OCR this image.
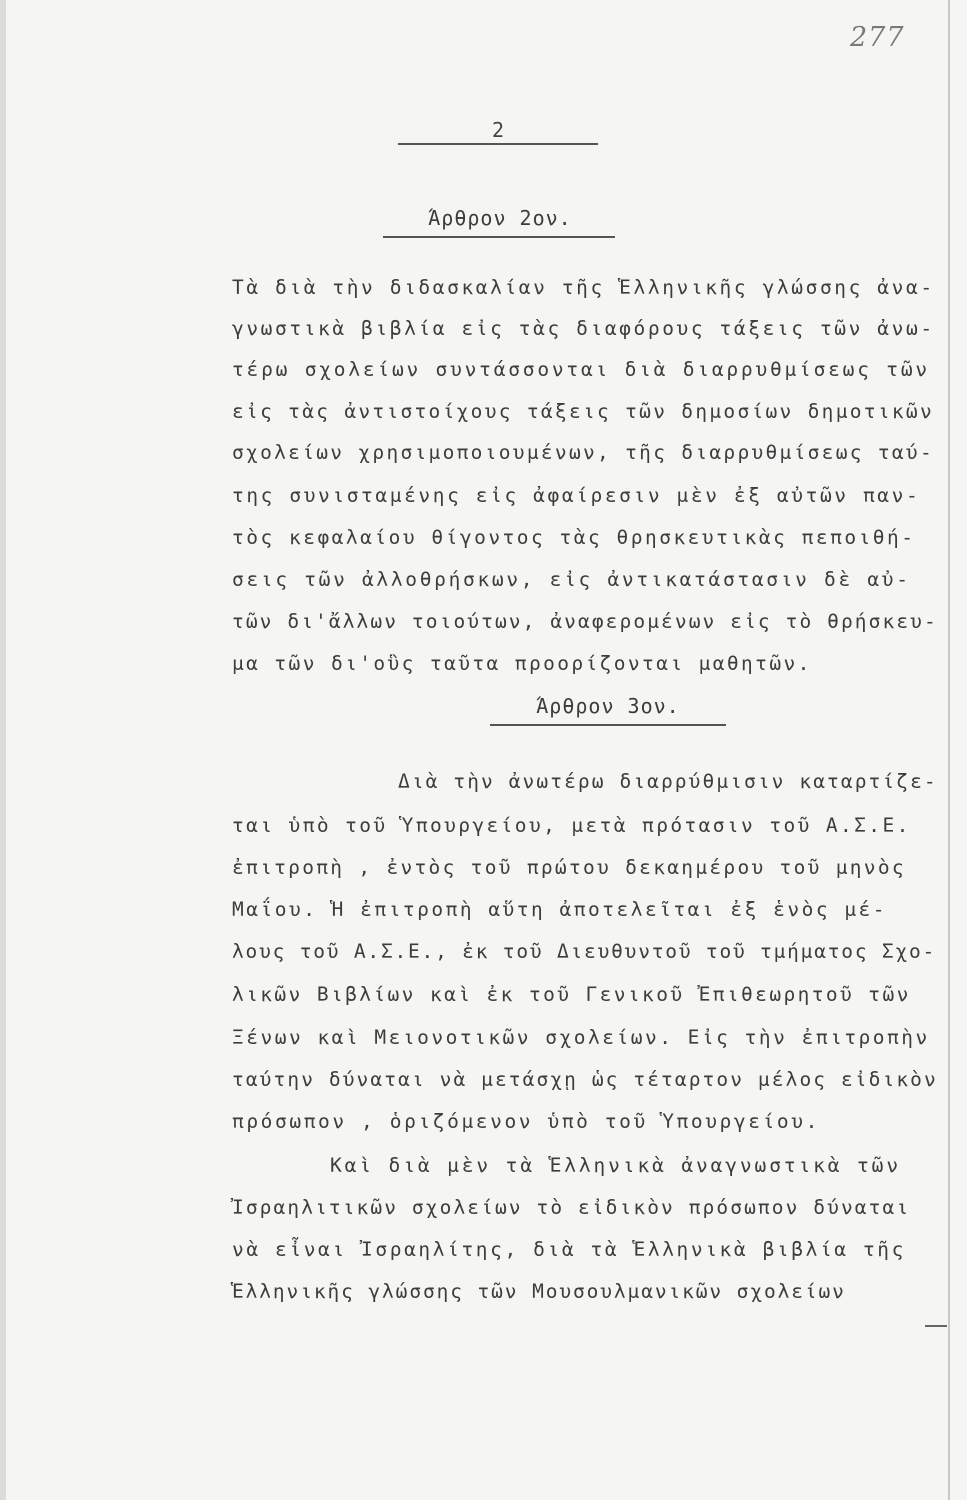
277
2
Άρθρον 2ον.
Τὰ διὰ τὴν διδασκαλίαν τῆς Ἑλληνικῆς γλώσσης ἀνα-
γνωστικὰ βιβλία εἰς τὰς διαφόρους τάξεις τῶν ἀνω-
τέρω σχολείων συντάσσονται διὰ διαρρυθμίσεως τῶν
εἰς τὰς ἀντιστοίχους τάξεις τῶν δημοσίων δημοτικῶν
σχολείων χρησιμοποιουμένων, τῆς διαρρυθμίσεως ταύ-
της συνισταμένης εἰς ἀφαίρεσιν μὲν ἐξ αὐτῶν παν-
τὸς κεφαλαίου θίγοντος τὰς θρησκευτικὰς πεποιθή-
σεις τῶν ἀλλοθρήσκων, εἰς ἀντικατάστασιν δὲ αὐ-
τῶν δι'ἄλλων τοιούτων, ἀναφερομένων εἰς τὸ θρήσκευ-
μα τῶν δι'οὓς ταῦτα προορίζονται μαθητῶν.
Άρθρον 3ον.
Διὰ τὴν ἀνωτέρω διαρρύθμισιν καταρτίζε-
ται ὑπὸ τοῦ Ὑπουργείου, μετὰ πρότασιν τοῦ Α.Σ.Ε.
ἐπιτροπὴ , ἐντὸς τοῦ πρώτου δεκαημέρου τοῦ μηνὸς
Μαΐου. Ἡ ἐπιτροπὴ αὕτη ἀποτελεῖται ἐξ ἑνὸς μέ-
λους τοῦ Α.Σ.Ε., ἐκ τοῦ Διευθυντοῦ τοῦ τμήματος Σχο-
λικῶν Βιβλίων καὶ ἐκ τοῦ Γενικοῦ Ἐπιθεωρητοῦ τῶν
Ξένων καὶ Μειονοτικῶν σχολείων. Εἰς τὴν ἐπιτροπὴν
ταύτην δύναται νὰ μετάσχῃ ὡς τέταρτον μέλος εἰδικὸν
πρόσωπον , ὁριζόμενον ὑπὸ τοῦ Ὑπουργείου.
Καὶ διὰ μὲν τὰ Ἑλληνικὰ ἀναγνωστικὰ τῶν
Ἰσραηλιτικῶν σχολείων τὸ εἰδικὸν πρόσωπον δύναται
νὰ εἶναι Ἰσραηλίτης, διὰ τὰ Ἑλληνικὰ βιβλία τῆς
Ἑλληνικῆς γλώσσης τῶν Μουσουλμανικῶν σχολείων
